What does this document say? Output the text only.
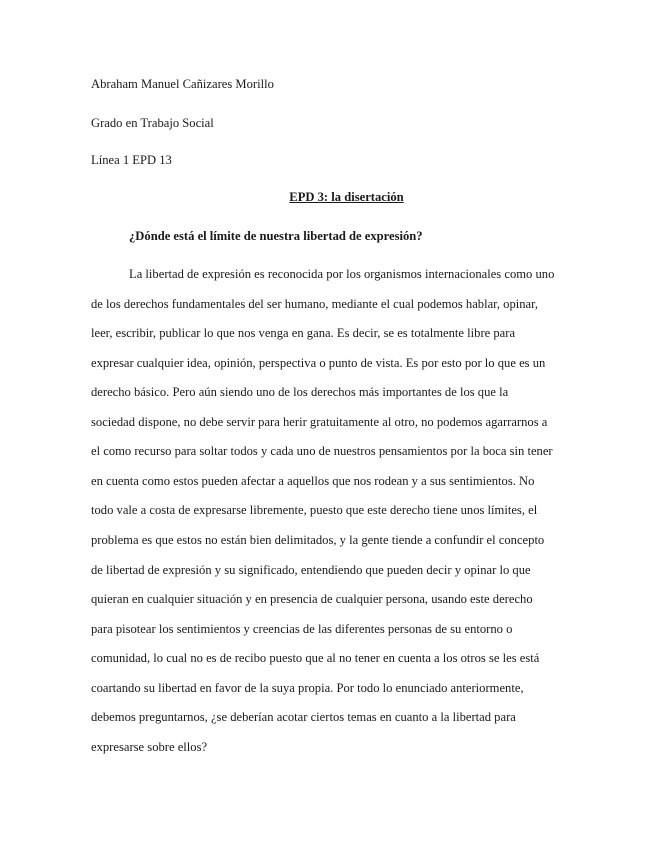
Abraham Manuel Cañizares Morillo
Grado en Trabajo Social
Línea 1 EPD 13
EPD 3: la disertación
¿Dónde está el límite de nuestra libertad de expresión?
La libertad de expresión es reconocida por los organismos internacionales como uno
de los derechos fundamentales del ser humano, mediante el cual podemos hablar, opinar,
leer, escribir, publicar lo que nos venga en gana. Es decir, se es totalmente libre para
expresar cualquier idea, opinión, perspectiva o punto de vista. Es por esto por lo que es un
derecho básico. Pero aún siendo uno de los derechos más importantes de los que la
sociedad dispone, no debe servir para herir gratuitamente al otro, no podemos agarrarnos a
el como recurso para soltar todos y cada uno de nuestros pensamientos por la boca sin tener
en cuenta como estos pueden afectar a aquellos que nos rodean y a sus sentimientos. No
todo vale a costa de expresarse libremente, puesto que este derecho tiene unos límites, el
problema es que estos no están bien delimitados, y la gente tiende a confundir el concepto
de libertad de expresión y su significado, entendiendo que pueden decir y opinar lo que
quieran en cualquier situación y en presencia de cualquier persona, usando este derecho
para pisotear los sentimientos y creencias de las diferentes personas de su entorno o
comunidad, lo cual no es de recibo puesto que al no tener en cuenta a los otros se les está
coartando su libertad en favor de la suya propia. Por todo lo enunciado anteriormente,
debemos preguntarnos, ¿se deberían acotar ciertos temas en cuanto a la libertad para
expresarse sobre ellos?
